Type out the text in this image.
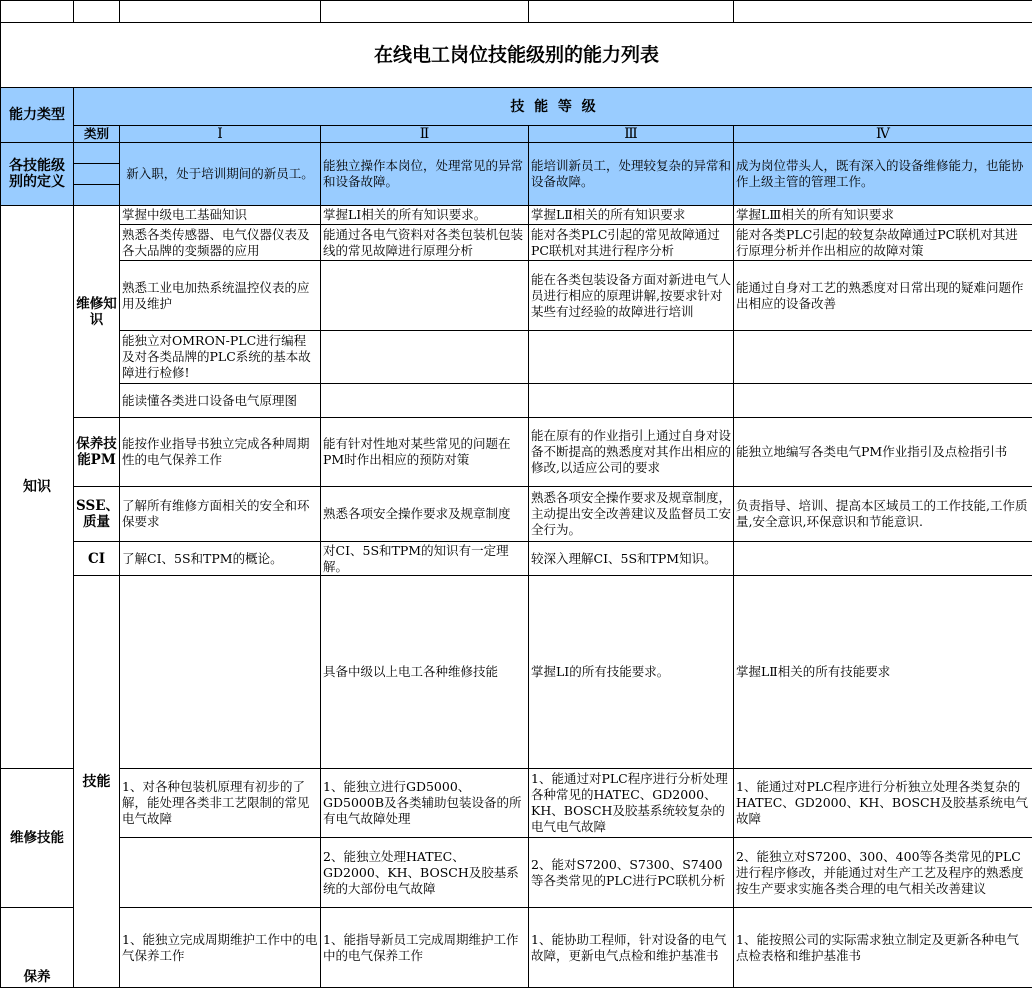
在线电工岗位技能级别的能力列表						
能力类型	技  能  等  级					
	类别	Ⅰ	Ⅱ	Ⅲ	Ⅳ	
各技能级别的定义		新入职，处于培训期间的新员工。	能独立操作本岗位，处理常见的异常和设备故障。	能培训新员工，处理较复杂的异常和设备故障。	成为岗位带头人，既有深入的设备维修能力，也能协作上级主管的管理工作。	

知识	维修知识	掌握中级电工基础知识	掌握LⅠ相关的所有知识要求。	掌握LⅡ相关的所有知识要求	掌握LⅢ相关的所有知识要求	
		熟悉各类传感器、电气仪器仪表及各大品牌的变频器的应用	能通过各电气资料对各类包装机包装线的常见故障进行原理分析	能对各类PLC引起的常见故障通过PC联机对其进行程序分析	能对各类PLC引起的较复杂故障通过PC联机对其进行原理分析并作出相应的故障对策	
		熟悉工业电加热系统温控仪表的应用及维护		能在各类包装设备方面对新进电气人员进行相应的原理讲解,按要求针对某些有过经验的故障进行培训	能通过自身对工艺的熟悉度对日常出现的疑难问题作出相应的设备改善	
		能独立对OMRON-PLC进行编程及对各类品牌的PLC系统的基本故障进行检修!				
		能读懂各类进口设备电气原理图				
	保养技能PM	能按作业指导书独立完成各种周期性的电气保养工作	能有针对性地对某些常见的问题在PM时作出相应的预防对策	能在原有的作业指引上通过自身对设备不断提高的熟悉度对其作出相应的修改,以适应公司的要求	能独立地编写各类电气PM作业指引及点检指引书	
	SSE、质量	了解所有维修方面相关的安全和环保要求	熟悉各项安全操作要求及规章制度	熟悉各项安全操作要求及规章制度，主动提出安全改善建议及监督员工安全行为。	负责指导、培训、提高本区域员工的工作技能,工作质量,安全意识,环保意识和节能意识.	
	CI	了解CI、5S和TPM的概论。	对CI、5S和TPM的知识有一定理解。	较深入理解CI、5S和TPM知识。		
	技能		具备中级以上电工各种维修技能	掌握LⅠ的所有技能要求。	掌握LⅡ相关的所有技能要求	
维修技能		1、对各种包装机原理有初步的了解，能处理各类非工艺限制的常见电气故障	1、能独立进行GD5000、GD5000B及各类辅助包装设备的所有电气故障处理	1、能通过对PLC程序进行分析处理各种常见的HATEC、GD2000、KH、BOSCH及胶基系统较复杂的电气电气故障	1、能通过对PLC程序进行分析独立处理各类复杂的HATEC、GD2000、KH、BOSCH及胶基系统电气故障	
			2、能独立处理HATEC、GD2000、KH、BOSCH及胶基系统的大部份电气故障	2、能对S7200、S7300、S7400等各类常见的PLC进行PC联机分析	2、能独立对S7200、300、400等各类常见的PLC进行程序修改，并能通过对生产工艺及程序的熟悉度按生产要求实施各类合理的电气相关改善建议	
保养		1、能独立完成周期维护工作中的电气保养工作	1、能指导新员工完成周期维护工作中的电气保养工作	1、能协助工程师，针对设备的电气故障，更新电气点检和维护基准书	1、能按照公司的实际需求独立制定及更新各种电气点检表格和维护基准书	
